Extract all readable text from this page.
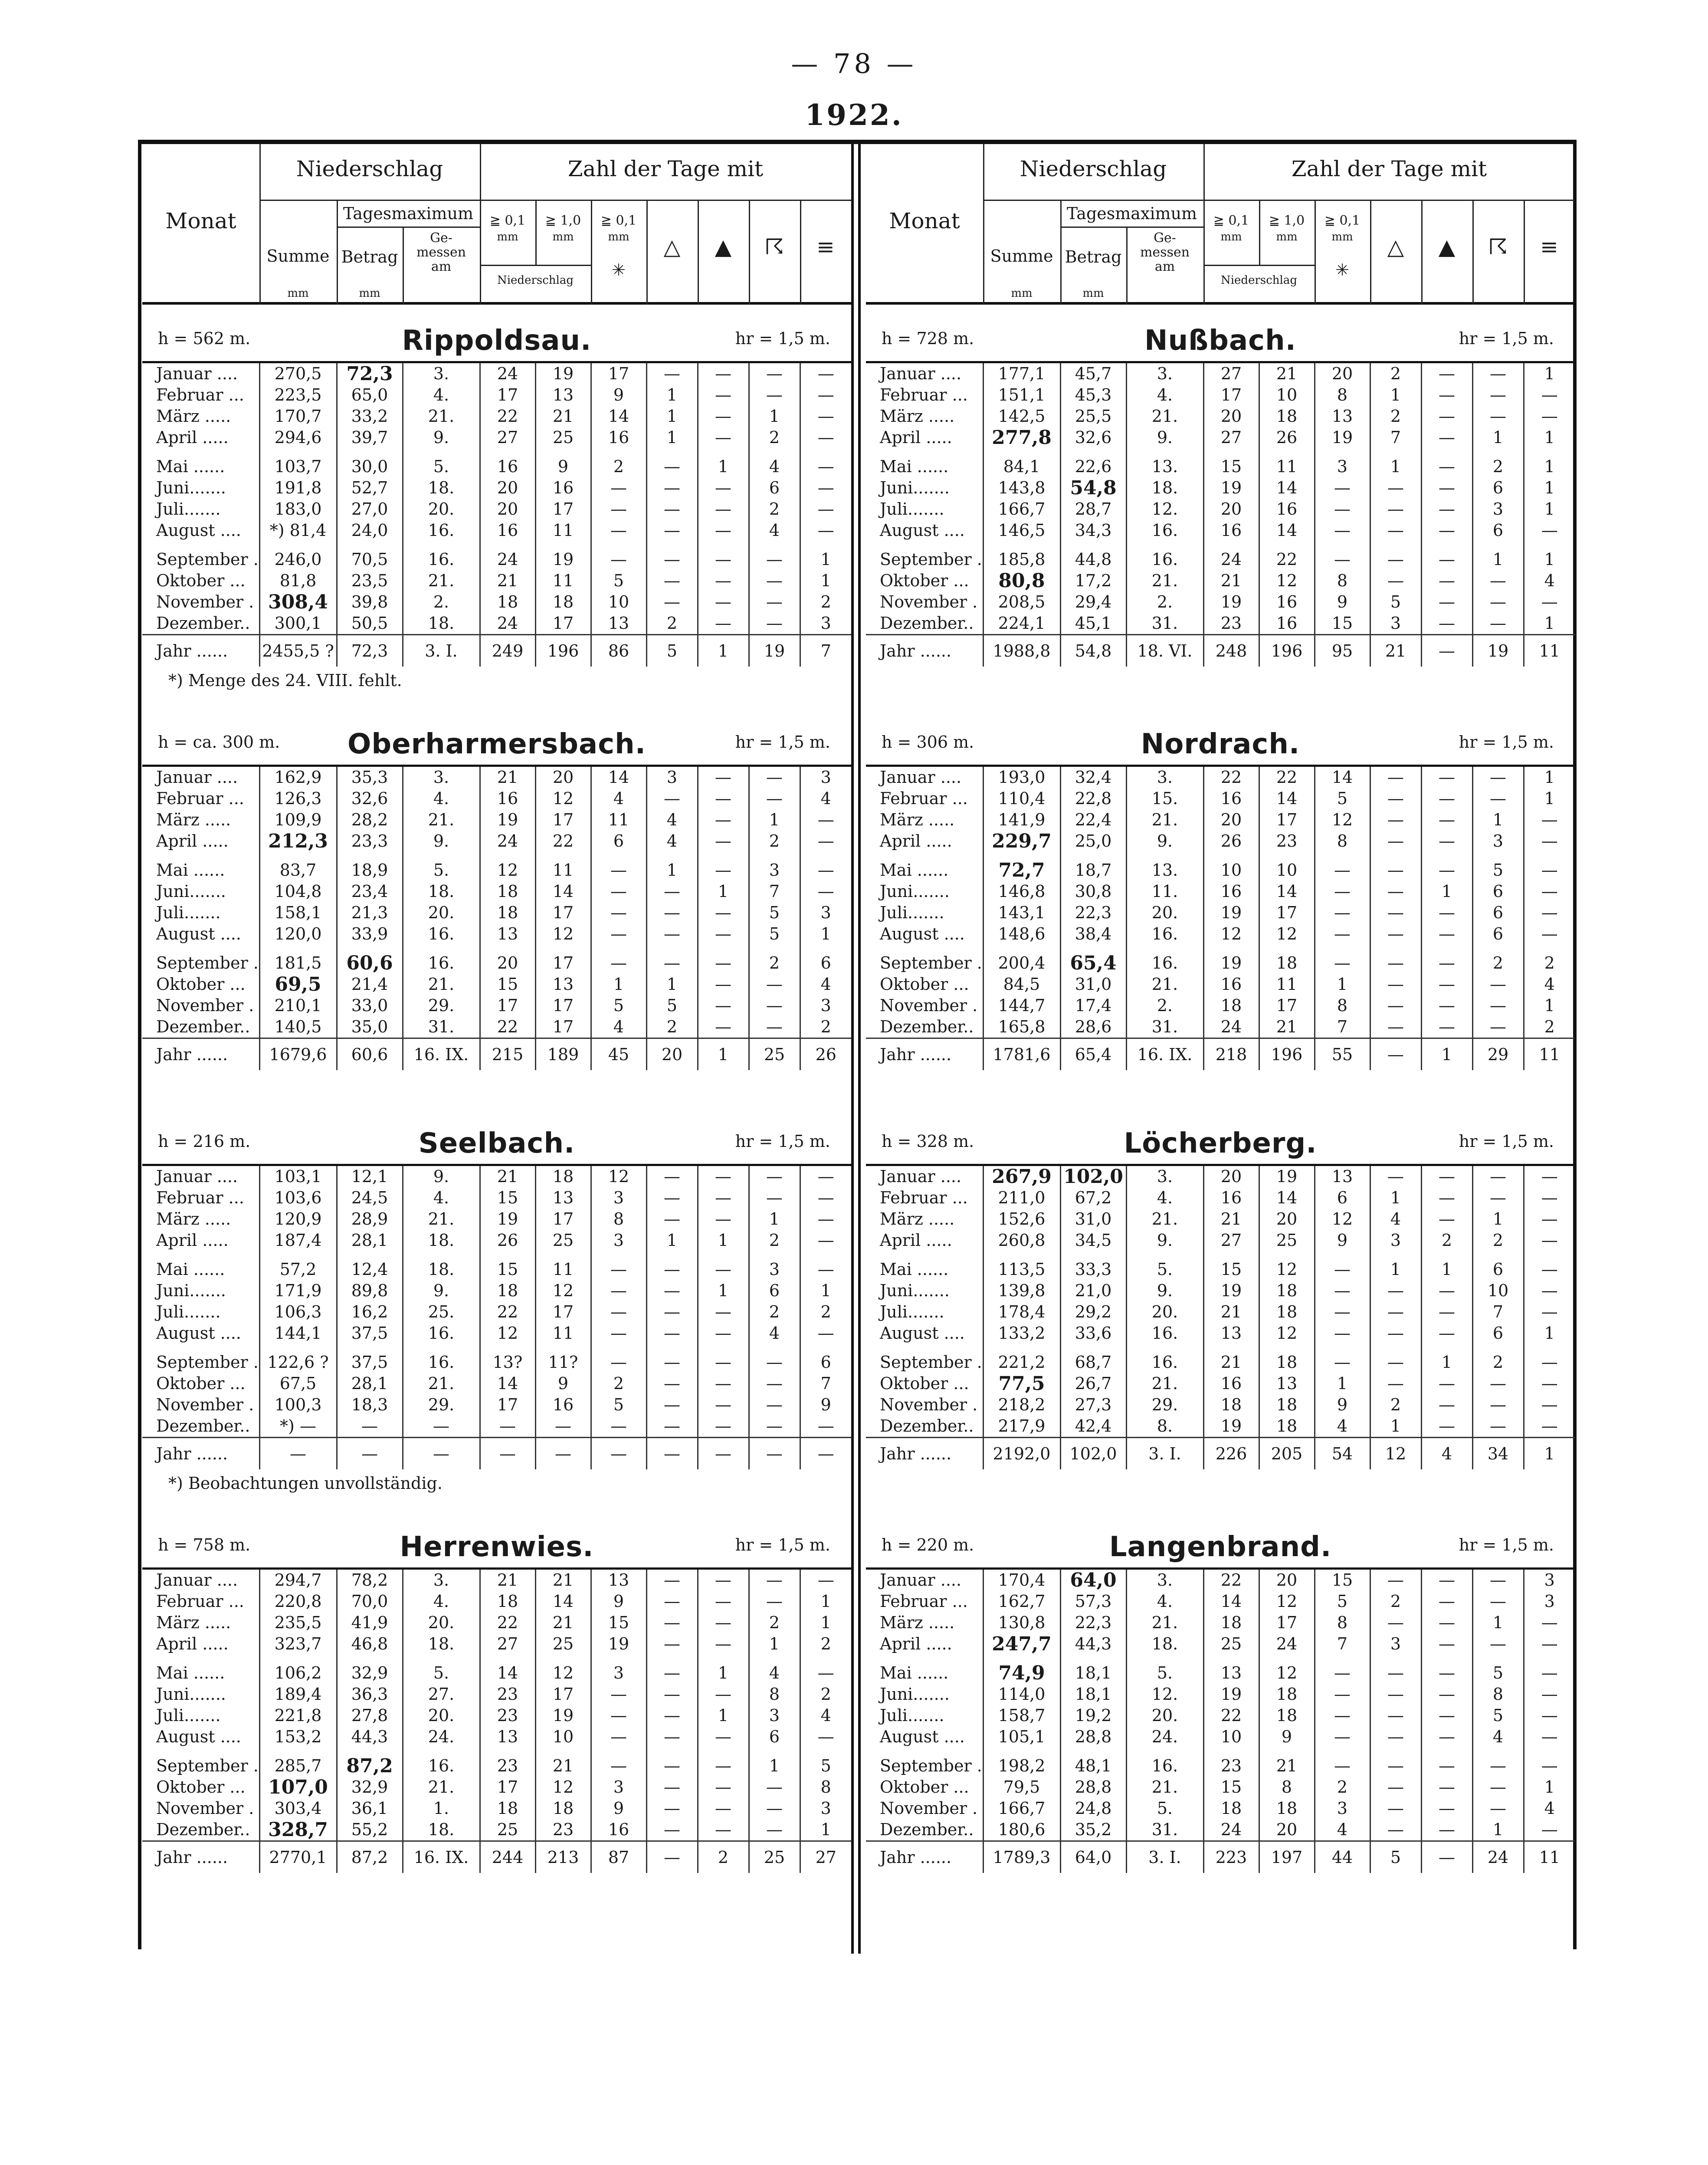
— 78 —
1922.
Monat
Niederschlag
Summe
mm
Tagesmaximum
Betrag
mm
Ge-
messen
am
Zahl der Tage mit
≧ 0,1
mm
≧ 1,0
mm
Niederschlag
≧ 0,1
mm
✳
△	▲	☈	≡
h = 562 m.	Rippoldsau.	hr = 1,5 m.
Januar ....	270,5	72,3	3.	24	19	17	—	—	—	—
Februar ...	223,5	65,0	4.	17	13	9	1	—	—	—
März .....	170,7	33,2	21.	22	21	14	1	—	1	—
April .....	294,6	39,7	9.	27	25	16	1	—	2	—
Mai ......	103,7	30,0	5.	16	9	2	—	1	4	—
Juni.......	191,8	52,7	18.	20	16	—	—	—	6	—
Juli.......	183,0	27,0	20.	20	17	—	—	—	2	—
August ....	*) 81,4	24,0	16.	16	11	—	—	—	4	—
September .	246,0	70,5	16.	24	19	—	—	—	—	1
Oktober ...	81,8	23,5	21.	21	11	5	—	—	—	1
November .	308,4	39,8	2.	18	18	10	—	—	—	2
Dezember..	300,1	50,5	18.	24	17	13	2	—	—	3
Jahr ......	2455,5 ?	72,3	3. I.	249	196	86	5	1	19	7
*) Menge des 24. VIII. fehlt.
h = ca. 300 m.	Oberharmersbach.	hr = 1,5 m.
Januar ....	162,9	35,3	3.	21	20	14	3	—	—	3
Februar ...	126,3	32,6	4.	16	12	4	—	—	—	4
März .....	109,9	28,2	21.	19	17	11	4	—	1	—
April .....	212,3	23,3	9.	24	22	6	4	—	2	—
Mai ......	83,7	18,9	5.	12	11	—	1	—	3	—
Juni.......	104,8	23,4	18.	18	14	—	—	1	7	—
Juli.......	158,1	21,3	20.	18	17	—	—	—	5	3
August ....	120,0	33,9	16.	13	12	—	—	—	5	1
September .	181,5	60,6	16.	20	17	—	—	—	2	6
Oktober ...	69,5	21,4	21.	15	13	1	1	—	—	4
November .	210,1	33,0	29.	17	17	5	5	—	—	3
Dezember..	140,5	35,0	31.	22	17	4	2	—	—	2
Jahr ......	1679,6	60,6	16. IX.	215	189	45	20	1	25	26
h = 216 m.	Seelbach.	hr = 1,5 m.
Januar ....	103,1	12,1	9.	21	18	12	—	—	—	—
Februar ...	103,6	24,5	4.	15	13	3	—	—	—	—
März .....	120,9	28,9	21.	19	17	8	—	—	1	—
April .....	187,4	28,1	18.	26	25	3	1	1	2	—
Mai ......	57,2	12,4	18.	15	11	—	—	—	3	—
Juni.......	171,9	89,8	9.	18	12	—	—	1	6	1
Juli.......	106,3	16,2	25.	22	17	—	—	—	2	2
August ....	144,1	37,5	16.	12	11	—	—	—	4	—
September .	122,6 ?	37,5	16.	13?	11?	—	—	—	—	6
Oktober ...	67,5	28,1	21.	14	9	2	—	—	—	7
November .	100,3	18,3	29.	17	16	5	—	—	—	9
Dezember..	*) —	—	—	—	—	—	—	—	—	—
Jahr ......	—	—	—	—	—	—	—	—	—	—
*) Beobachtungen unvollständig.
h = 758 m.	Herrenwies.	hr = 1,5 m.
Januar ....	294,7	78,2	3.	21	21	13	—	—	—	—
Februar ...	220,8	70,0	4.	18	14	9	—	—	—	1
März .....	235,5	41,9	20.	22	21	15	—	—	2	1
April .....	323,7	46,8	18.	27	25	19	—	—	1	2
Mai ......	106,2	32,9	5.	14	12	3	—	1	4	—
Juni.......	189,4	36,3	27.	23	17	—	—	—	8	2
Juli.......	221,8	27,8	20.	23	19	—	—	1	3	4
August ....	153,2	44,3	24.	13	10	—	—	—	6	—
September .	285,7	87,2	16.	23	21	—	—	—	1	5
Oktober ...	107,0	32,9	21.	17	12	3	—	—	—	8
November .	303,4	36,1	1.	18	18	9	—	—	—	3
Dezember..	328,7	55,2	18.	25	23	16	—	—	—	1
Jahr ......	2770,1	87,2	16. IX.	244	213	87	—	2	25	27
Monat
Niederschlag
Summe
mm
Tagesmaximum
Betrag
mm
Ge-
messen
am
Zahl der Tage mit
≧ 0,1
mm
≧ 1,0
mm
Niederschlag
≧ 0,1
mm
✳
△	▲	☈	≡
h = 728 m.	Nußbach.	hr = 1,5 m.
Januar ....	177,1	45,7	3.	27	21	20	2	—	—	1
Februar ...	151,1	45,3	4.	17	10	8	1	—	—	—
März .....	142,5	25,5	21.	20	18	13	2	—	—	—
April .....	277,8	32,6	9.	27	26	19	7	—	1	1
Mai ......	84,1	22,6	13.	15	11	3	1	—	2	1
Juni.......	143,8	54,8	18.	19	14	—	—	—	6	1
Juli.......	166,7	28,7	12.	20	16	—	—	—	3	1
August ....	146,5	34,3	16.	16	14	—	—	—	6	—
September .	185,8	44,8	16.	24	22	—	—	—	1	1
Oktober ...	80,8	17,2	21.	21	12	8	—	—	—	4
November .	208,5	29,4	2.	19	16	9	5	—	—	—
Dezember..	224,1	45,1	31.	23	16	15	3	—	—	1
Jahr ......	1988,8	54,8	18. VI.	248	196	95	21	—	19	11
h = 306 m.	Nordrach.	hr = 1,5 m.
Januar ....	193,0	32,4	3.	22	22	14	—	—	—	1
Februar ...	110,4	22,8	15.	16	14	5	—	—	—	1
März .....	141,9	22,4	21.	20	17	12	—	—	1	—
April .....	229,7	25,0	9.	26	23	8	—	—	3	—
Mai ......	72,7	18,7	13.	10	10	—	—	—	5	—
Juni.......	146,8	30,8	11.	16	14	—	—	1	6	—
Juli.......	143,1	22,3	20.	19	17	—	—	—	6	—
August ....	148,6	38,4	16.	12	12	—	—	—	6	—
September .	200,4	65,4	16.	19	18	—	—	—	2	2
Oktober ...	84,5	31,0	21.	16	11	1	—	—	—	4
November .	144,7	17,4	2.	18	17	8	—	—	—	1
Dezember..	165,8	28,6	31.	24	21	7	—	—	—	2
Jahr ......	1781,6	65,4	16. IX.	218	196	55	—	1	29	11
h = 328 m.	Löcherberg.	hr = 1,5 m.
Januar ....	267,9	102,0	3.	20	19	13	—	—	—	—
Februar ...	211,0	67,2	4.	16	14	6	1	—	—	—
März .....	152,6	31,0	21.	21	20	12	4	—	1	—
April .....	260,8	34,5	9.	27	25	9	3	2	2	—
Mai ......	113,5	33,3	5.	15	12	—	1	1	6	—
Juni.......	139,8	21,0	9.	19	18	—	—	—	10	—
Juli.......	178,4	29,2	20.	21	18	—	—	—	7	—
August ....	133,2	33,6	16.	13	12	—	—	—	6	1
September .	221,2	68,7	16.	21	18	—	—	1	2	—
Oktober ...	77,5	26,7	21.	16	13	1	—	—	—	—
November .	218,2	27,3	29.	18	18	9	2	—	—	—
Dezember..	217,9	42,4	8.	19	18	4	1	—	—	—
Jahr ......	2192,0	102,0	3. I.	226	205	54	12	4	34	1
h = 220 m.	Langenbrand.	hr = 1,5 m.
Januar ....	170,4	64,0	3.	22	20	15	—	—	—	3
Februar ...	162,7	57,3	4.	14	12	5	2	—	—	3
März .....	130,8	22,3	21.	18	17	8	—	—	1	—
April .....	247,7	44,3	18.	25	24	7	3	—	—	—
Mai ......	74,9	18,1	5.	13	12	—	—	—	5	—
Juni.......	114,0	18,1	12.	19	18	—	—	—	8	—
Juli.......	158,7	19,2	20.	22	18	—	—	—	5	—
August ....	105,1	28,8	24.	10	9	—	—	—	4	—
September .	198,2	48,1	16.	23	21	—	—	—	—	—
Oktober ...	79,5	28,8	21.	15	8	2	—	—	—	1
November .	166,7	24,8	5.	18	18	3	—	—	—	4
Dezember..	180,6	35,2	31.	24	20	4	—	—	1	—
Jahr ......	1789,3	64,0	3. I.	223	197	44	5	—	24	11
